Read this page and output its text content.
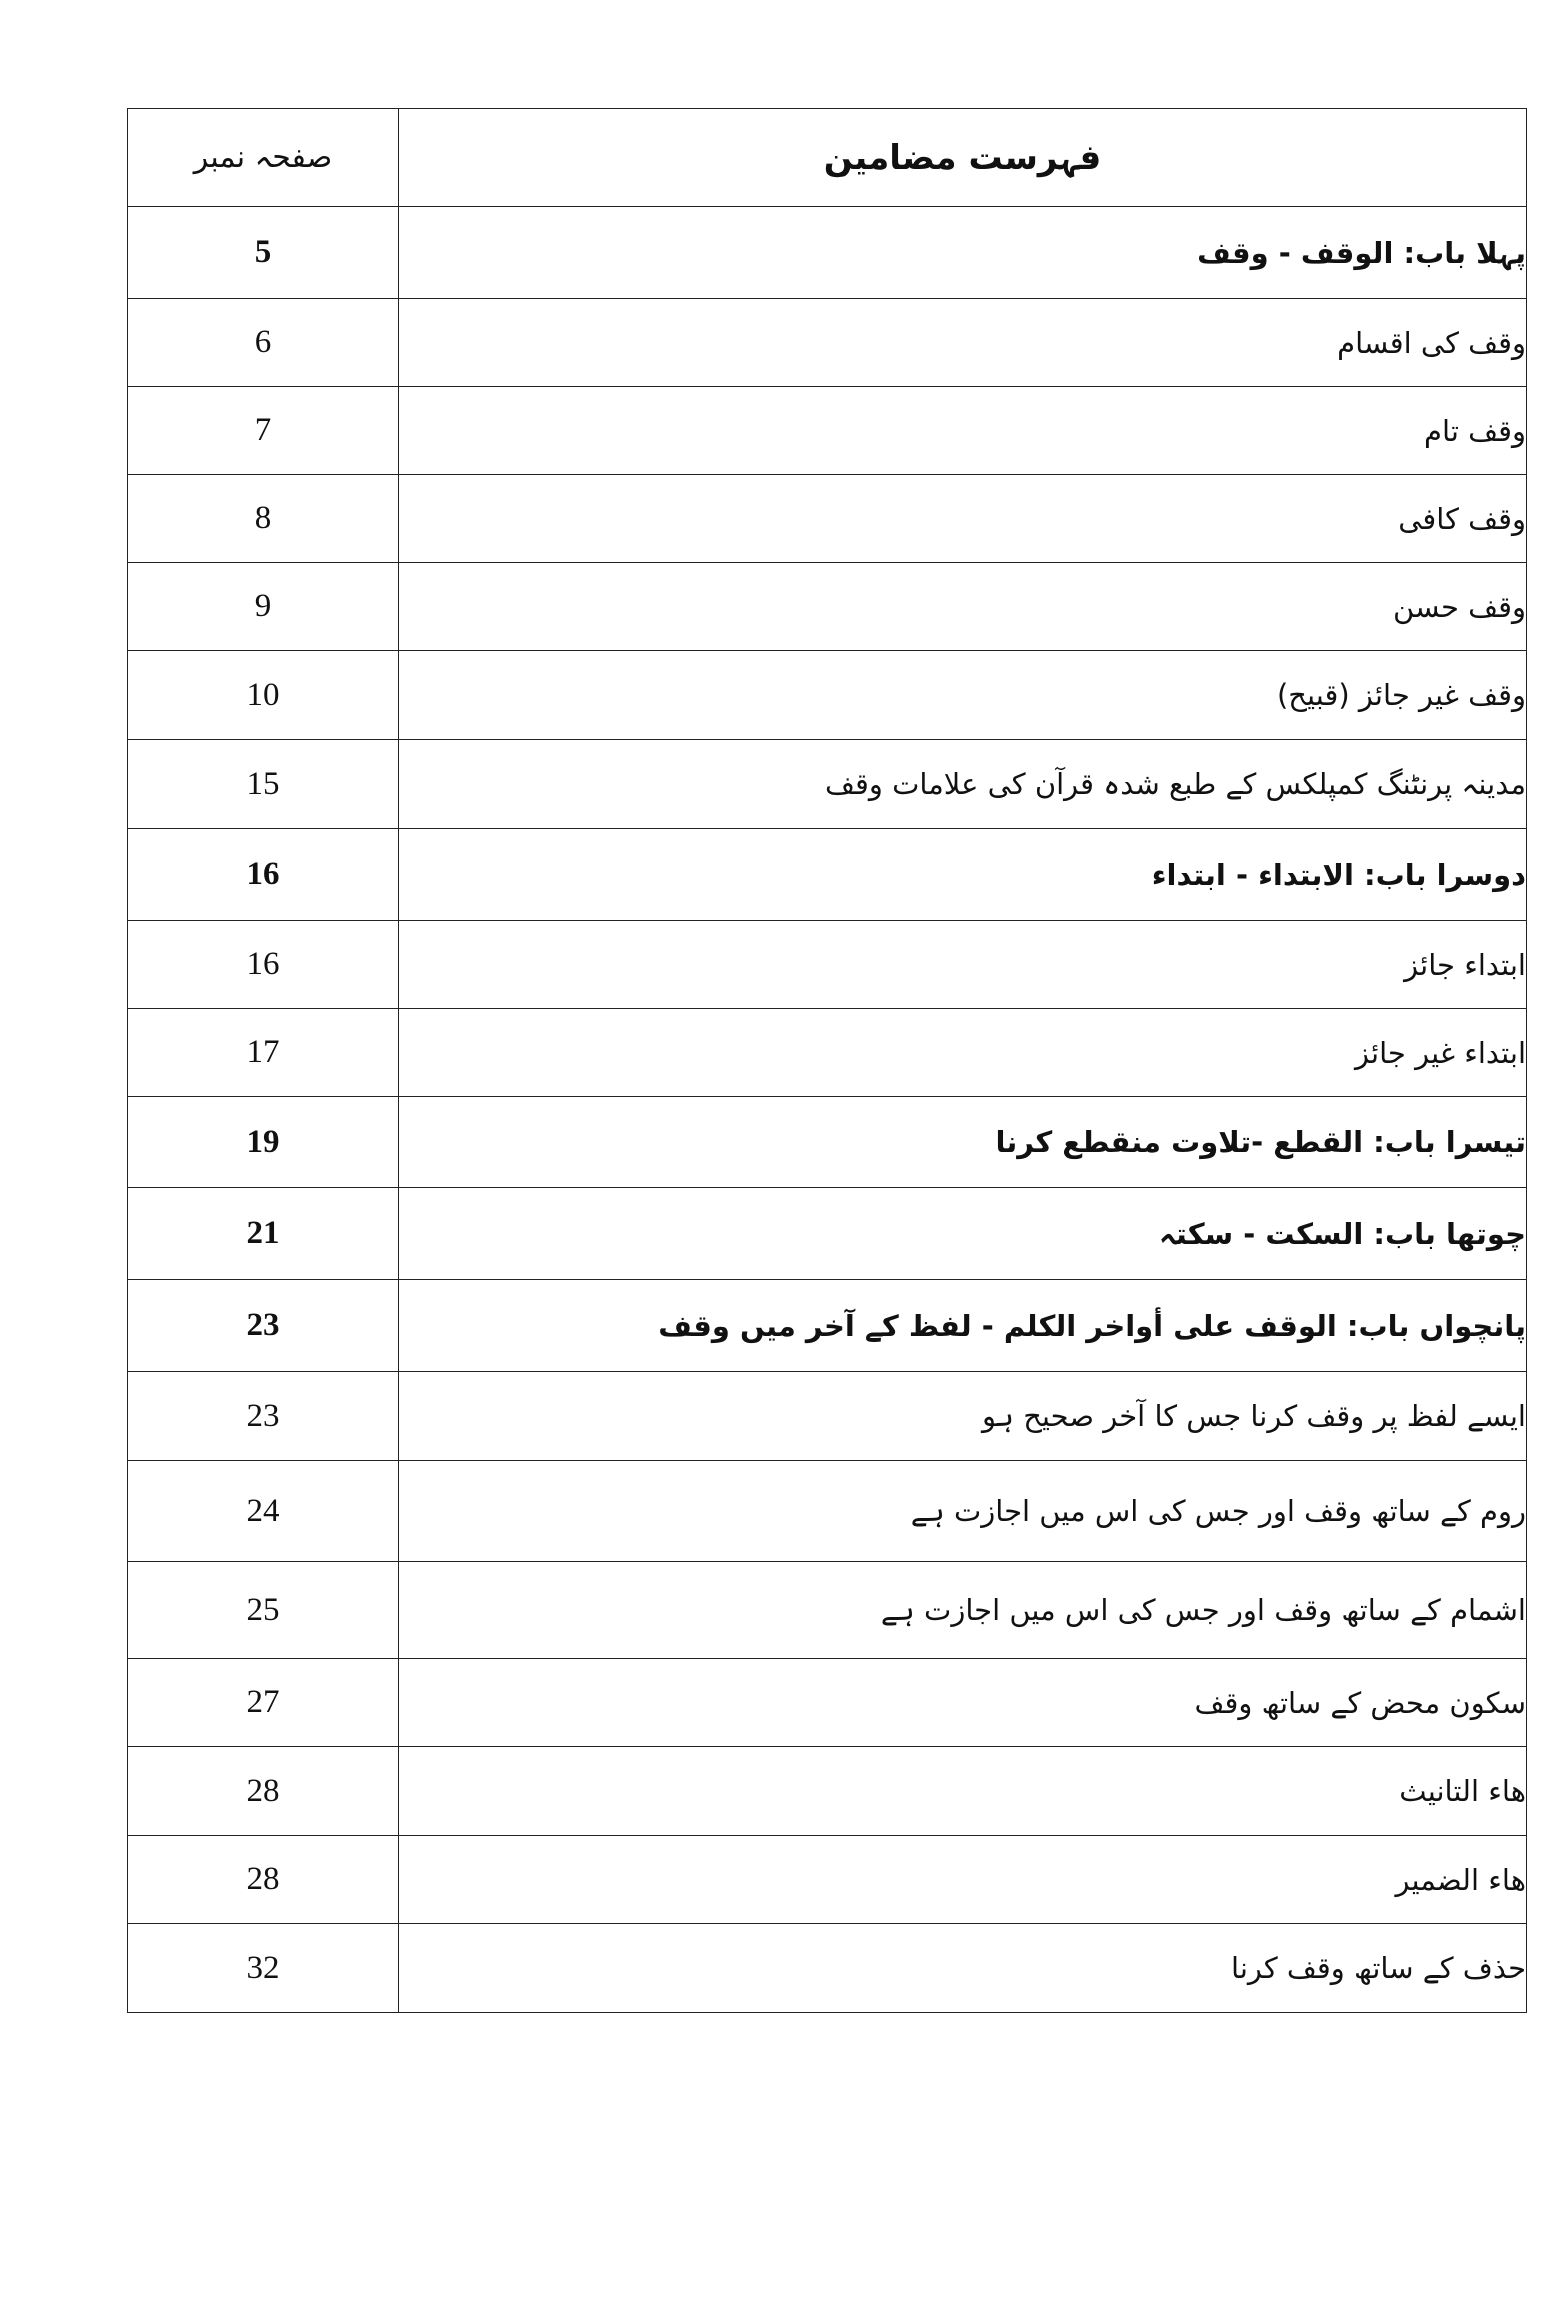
صفحہ نمبر	فہرست مضامین
5	پہلا باب: الوقف - وقف
6	وقف کی اقسام
7	وقف تام
8	وقف کافی
9	وقف حسن
10	وقف غیر جائز (قبیح)
15	مدینہ پرنٹنگ کمپلکس کے طبع شدہ قرآن کی علامات وقف
16	دوسرا باب: الابتداء - ابتداء
16	ابتداء جائز
17	ابتداء غیر جائز
19	تیسرا باب: القطع -تلاوت منقطع کرنا
21	چوتھا باب: السکت - سکتہ
23	پانچواں باب: الوقف علی أواخر الکلم - لفظ کے آخر میں وقف
23	ایسے لفظ پر وقف کرنا جس کا آخر صحیح ہو
24	روم کے ساتھ وقف اور جس کی اس میں اجازت ہے
25	اشمام کے ساتھ وقف اور جس کی اس میں اجازت ہے
27	سکون محض کے ساتھ وقف
28	هاء التانیث
28	هاء الضمیر
32	حذف کے ساتھ وقف کرنا
